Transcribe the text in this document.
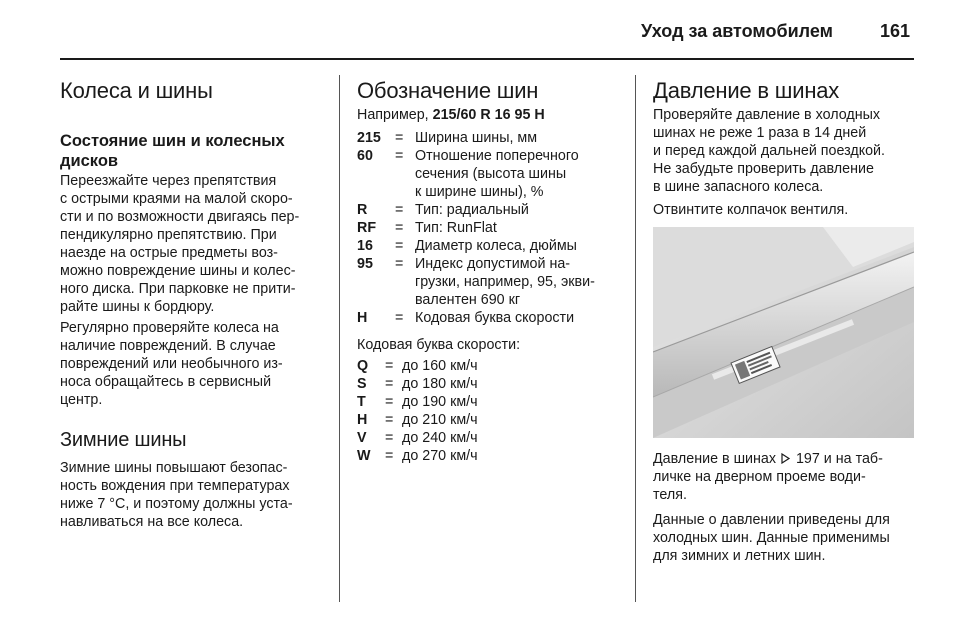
Уход за автомобилем	161
Колеса и шины
Состояние шин и колесных
дисков
Переезжайте через препятствия
с острыми краями на малой скоро-
сти и по возможности двигаясь пер-
пендикулярно препятствию. При
наезде на острые предметы воз-
можно повреждение шины и колес-
ного диска. При парковке не прити-
райте шины к бордюру.
Регулярно проверяйте колеса на
наличие повреждений. В случае
повреждений или необычного из-
носа обращайтесь в сервисный
центр.
Зимние шины
Зимние шины повышают безопас-
ность вождения при температурах
ниже 7 °C, и поэтому должны уста-
навливаться на все колеса.
Обозначение шин
Например, 215/60 R 16 95 H
215 = Ширина шины, мм
60 = Отношение поперечного
сечения (высота шины
к ширине шины), %
R = Тип: радиальный
RF = Тип: RunFlat
16 = Диаметр колеса, дюймы
95 = Индекс допустимой на-
грузки, например, 95, экви-
валентен 690 кг
H = Кодовая буква скорости
Кодовая буква скорости:
Q = до 160 км/ч
S = до 180 км/ч
T = до 190 км/ч
H = до 210 км/ч
V = до 240 км/ч
W = до 270 км/ч
Давление в шинах
Проверяйте давление в холодных
шинах не реже 1 раза в 14 дней
и перед каждой дальней поездкой.
Не забудьте проверить давление
в шине запасного колеса.
Отвинтите колпачок вентиля.
Давление в шинах  197 и на таб-
личке на дверном проеме води-
теля.
Данные о давлении приведены для
холодных шин. Данные применимы
для зимних и летних шин.
